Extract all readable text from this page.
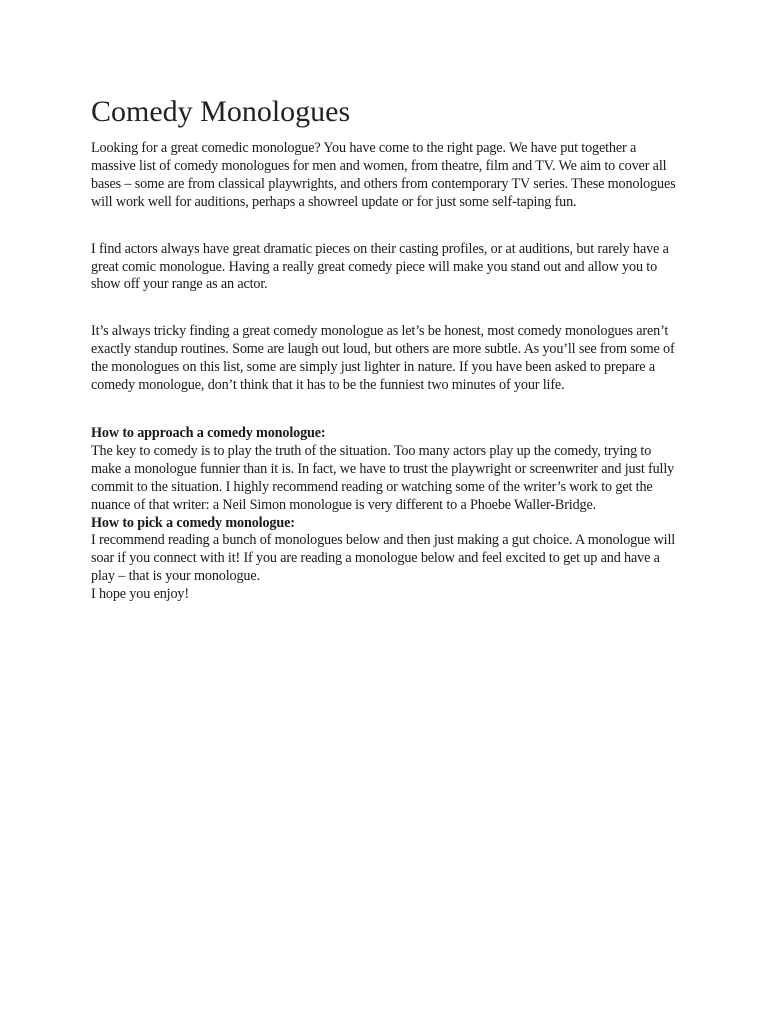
Comedy Monologues

Looking for a great comedic monologue? You have come to the right page. We have put together a massive list of comedy monologues for men and women, from theatre, film and TV. We aim to cover all bases – some are from classical playwrights, and others from contemporary TV series. These monologues will work well for auditions, perhaps a showreel update or for just some self-taping fun.

I find actors always have great dramatic pieces on their casting profiles, or at auditions, but rarely have a great comic monologue. Having a really great comedy piece will make you stand out and allow you to show off your range as an actor.

It’s always tricky finding a great comedy monologue as let’s be honest, most comedy monologues aren’t exactly standup routines. Some are laugh out loud, but others are more subtle. As you’ll see from some of the monologues on this list, some are simply just lighter in nature. If you have been asked to prepare a comedy monologue, don’t think that it has to be the funniest two minutes of your life.

How to approach a comedy monologue:

The key to comedy is to play the truth of the situation. Too many actors play up the comedy, trying to make a monologue funnier than it is. In fact, we have to trust the playwright or screenwriter and just fully commit to the situation. I highly recommend reading or watching some of the writer’s work to get the nuance of that writer: a Neil Simon monologue is very different to a Phoebe Waller-Bridge.

How to pick a comedy monologue:

I recommend reading a bunch of monologues below and then just making a gut choice. A monologue will soar if you connect with it! If you are reading a monologue below and feel excited to get up and have a play – that is your monologue.

I hope you enjoy!
